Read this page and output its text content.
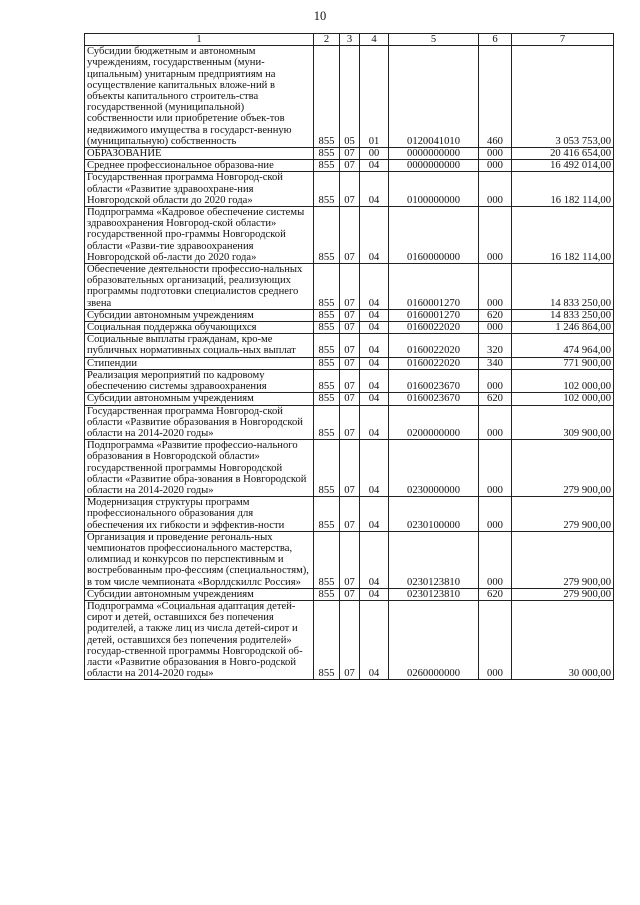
10
1	2	3	4	5	6	7
Субсидии бюджетным и автономным учреждениям, государственным (муни-ципальным) унитарным предприятиям на осуществление капитальных вложе-ний в объекты капитального строитель-ства государственной (муниципальной) собственности или приобретение объек-тов недвижимого имущества в государст-венную (муниципальную) собственность	855	05	01	0120041010	460	3 053 753,00
ОБРАЗОВАНИЕ	855	07	00	0000000000	000	20 416 654,00
Среднее профессиональное образова-ние	855	07	04	0000000000	000	16 492 014,00
Государственная программа Новгород-ской области «Развитие здравоохране-ния Новгородской области до 2020 года»	855	07	04	0100000000	000	16 182 114,00
Подпрограмма «Кадровое обеспечение системы здравоохранения Новгород-ской области» государственной про-граммы Новгородской области «Разви-тие здравоохранения Новгородской об-ласти до 2020 года»	855	07	04	0160000000	000	16 182 114,00
Обеспечение деятельности профессио-нальных образовательных организаций, реализующих программы подготовки специалистов среднего звена	855	07	04	0160001270	000	14 833 250,00
Субсидии автономным учреждениям	855	07	04	0160001270	620	14 833 250,00
Социальная поддержка обучающихся	855	07	04	0160022020	000	1 246 864,00
Социальные выплаты гражданам, кро-ме публичных нормативных социаль-ных выплат	855	07	04	0160022020	320	474 964,00
Стипендии	855	07	04	0160022020	340	771 900,00
Реализация мероприятий по кадровому обеспечению системы здравоохранения	855	07	04	0160023670	000	102 000,00
Субсидии автономным учреждениям	855	07	04	0160023670	620	102 000,00
Государственная программа Новгород-ской области «Развитие образования в Новгородской области на 2014-2020 годы»	855	07	04	0200000000	000	309 900,00
Подпрограмма «Развитие профессио-нального образования в Новгородской области» государственной программы Новгородской области «Развитие обра-зования в Новгородской области на 2014-2020 годы»	855	07	04	0230000000	000	279 900,00
Модернизация структуры программ профессионального образования для обеспечения их гибкости и эффектив-ности	855	07	04	0230100000	000	279 900,00
Организация и проведение регональ-ных чемпионатов профессионального мастерства, олимпиад и конкурсов по перспективным и востребованным про-фессиям (специальностям), в том числе чемпионата «Ворлдскиллс Россия»	855	07	04	0230123810	000	279 900,00
Субсидии автономным учреждениям	855	07	04	0230123810	620	279 900,00
Подпрограмма «Социальная адаптация детей-сирот и детей, оставшихся без попечения родителей, а также лиц из числа детей-сирот и детей, оставшихся без попечения родителей» государ-ственной программы Новгородской об-ласти «Развитие образования в Новго-родской области на 2014-2020 годы»	855	07	04	0260000000	000	30 000,00
